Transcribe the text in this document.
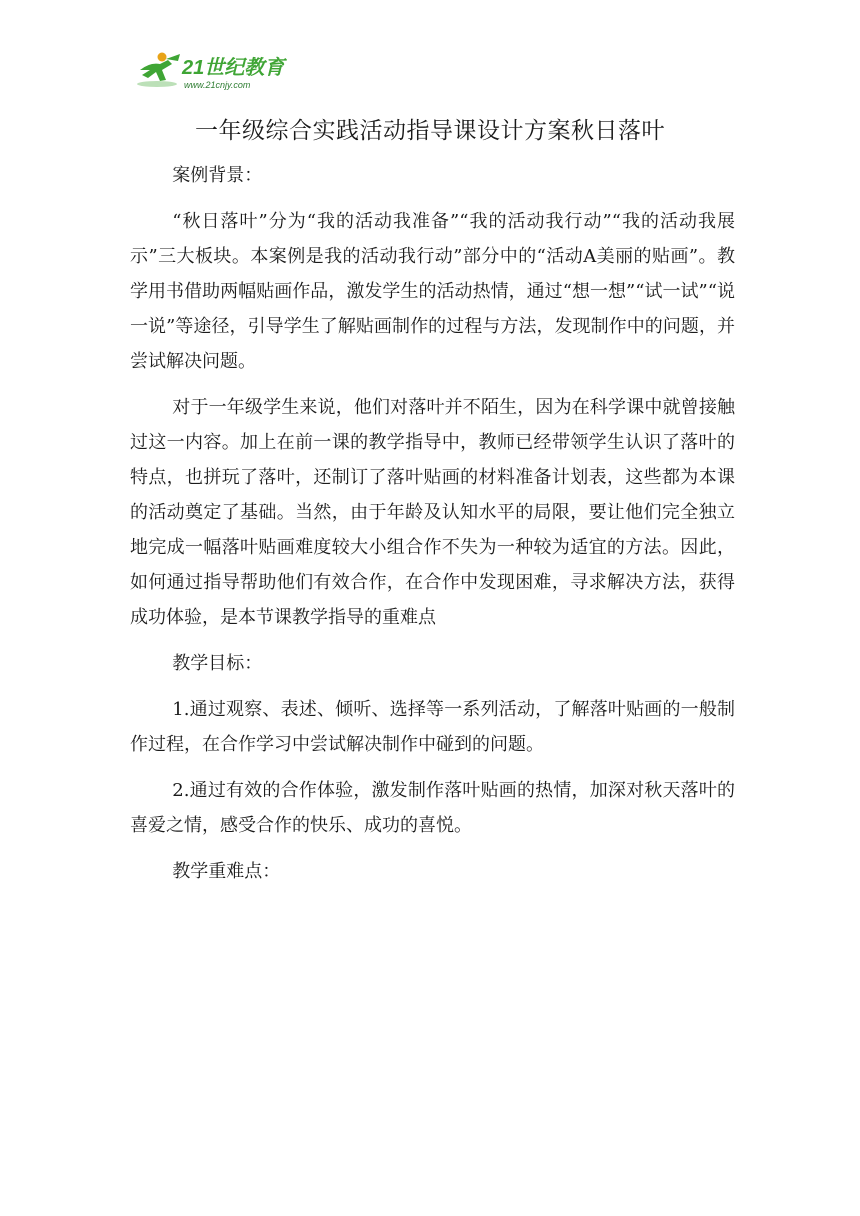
21世纪教育
www.21cnjy.com
一年级综合实践活动指导课设计方案秋日落叶

案例背景：

“秋日落叶”分为“我的活动我准备”“我的活动我行动”“我的活动我展示”三大板块。本案例是我的活动我行动”部分中的“活动A美丽的贴画”。教学用书借助两幅贴画作品，激发学生的活动热情，通过“想一想”“试一试”“说一说”等途径，引导学生了解贴画制作的过程与方法，发现制作中的问题，并尝试解决问题。

对于一年级学生来说，他们对落叶并不陌生，因为在科学课中就曾接触过这一内容。加上在前一课的教学指导中，教师已经带领学生认识了落叶的特点，也拼玩了落叶，还制订了落叶贴画的材料准备计划表，这些都为本课的活动奠定了基础。当然，由于年龄及认知水平的局限，要让他们完全独立地完成一幅落叶贴画难度较大小组合作不失为一种较为适宜的方法。因此，如何通过指导帮助他们有效合作，在合作中发现困难，寻求解决方法，获得成功体验，是本节课教学指导的重难点

教学目标：

1.通过观察、表述、倾听、选择等一系列活动，了解落叶贴画的一般制作过程，在合作学习中尝试解决制作中碰到的问题。

2.通过有效的合作体验，激发制作落叶贴画的热情，加深对秋天落叶的喜爱之情，感受合作的快乐、成功的喜悦。

教学重难点：
